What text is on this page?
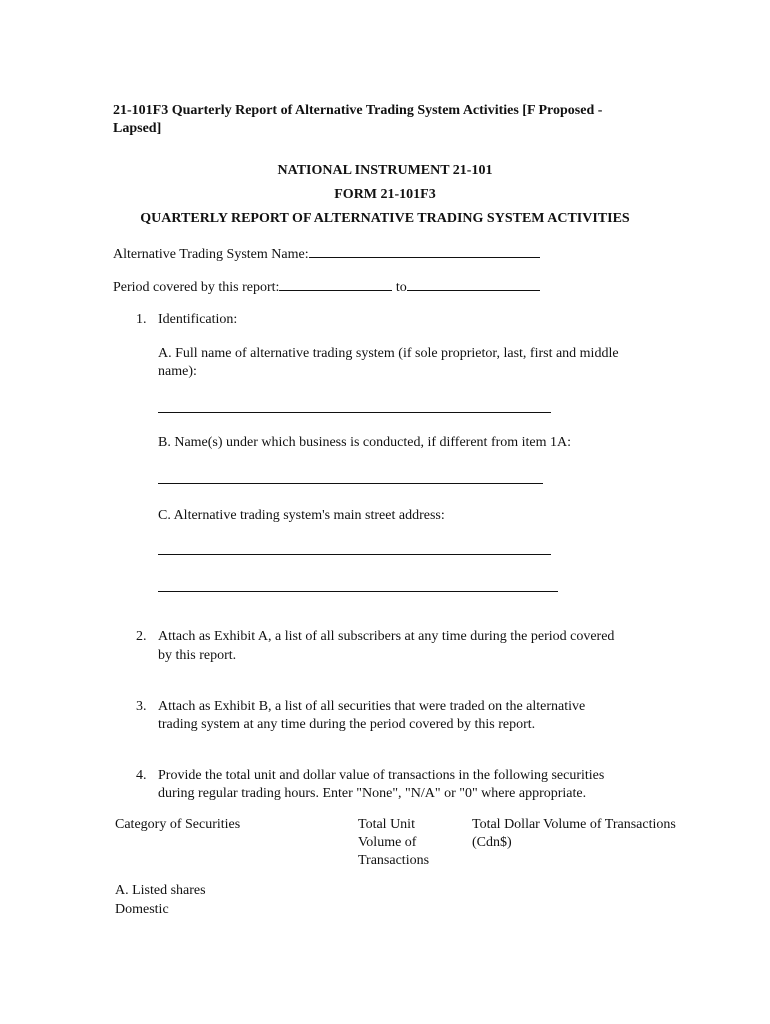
21-101F3 Quarterly Report of Alternative Trading System Activities [F Proposed -
Lapsed]
NATIONAL INSTRUMENT 21-101
FORM 21-101F3
QUARTERLY REPORT OF ALTERNATIVE TRADING SYSTEM ACTIVITIES
Alternative Trading System Name:
Period covered by this report:	to
1. Identification:
A. Full name of alternative trading system (if sole proprietor, last, first and middle
name):
B. Name(s) under which business is conducted, if different from item 1A:
C. Alternative trading system's main street address:
2. Attach as Exhibit A, a list of all subscribers at any time during the period covered
by this report.
3. Attach as Exhibit B, a list of all securities that were traded on the alternative
trading system at any time during the period covered by this report.
4. Provide the total unit and dollar value of transactions in the following securities
during regular trading hours. Enter "None", "N/A" or "0" where appropriate.
Category of Securities	Total Unit
Volume of
Transactions
Total Dollar Volume of Transactions
(Cdn$)
A. Listed shares
Domestic
